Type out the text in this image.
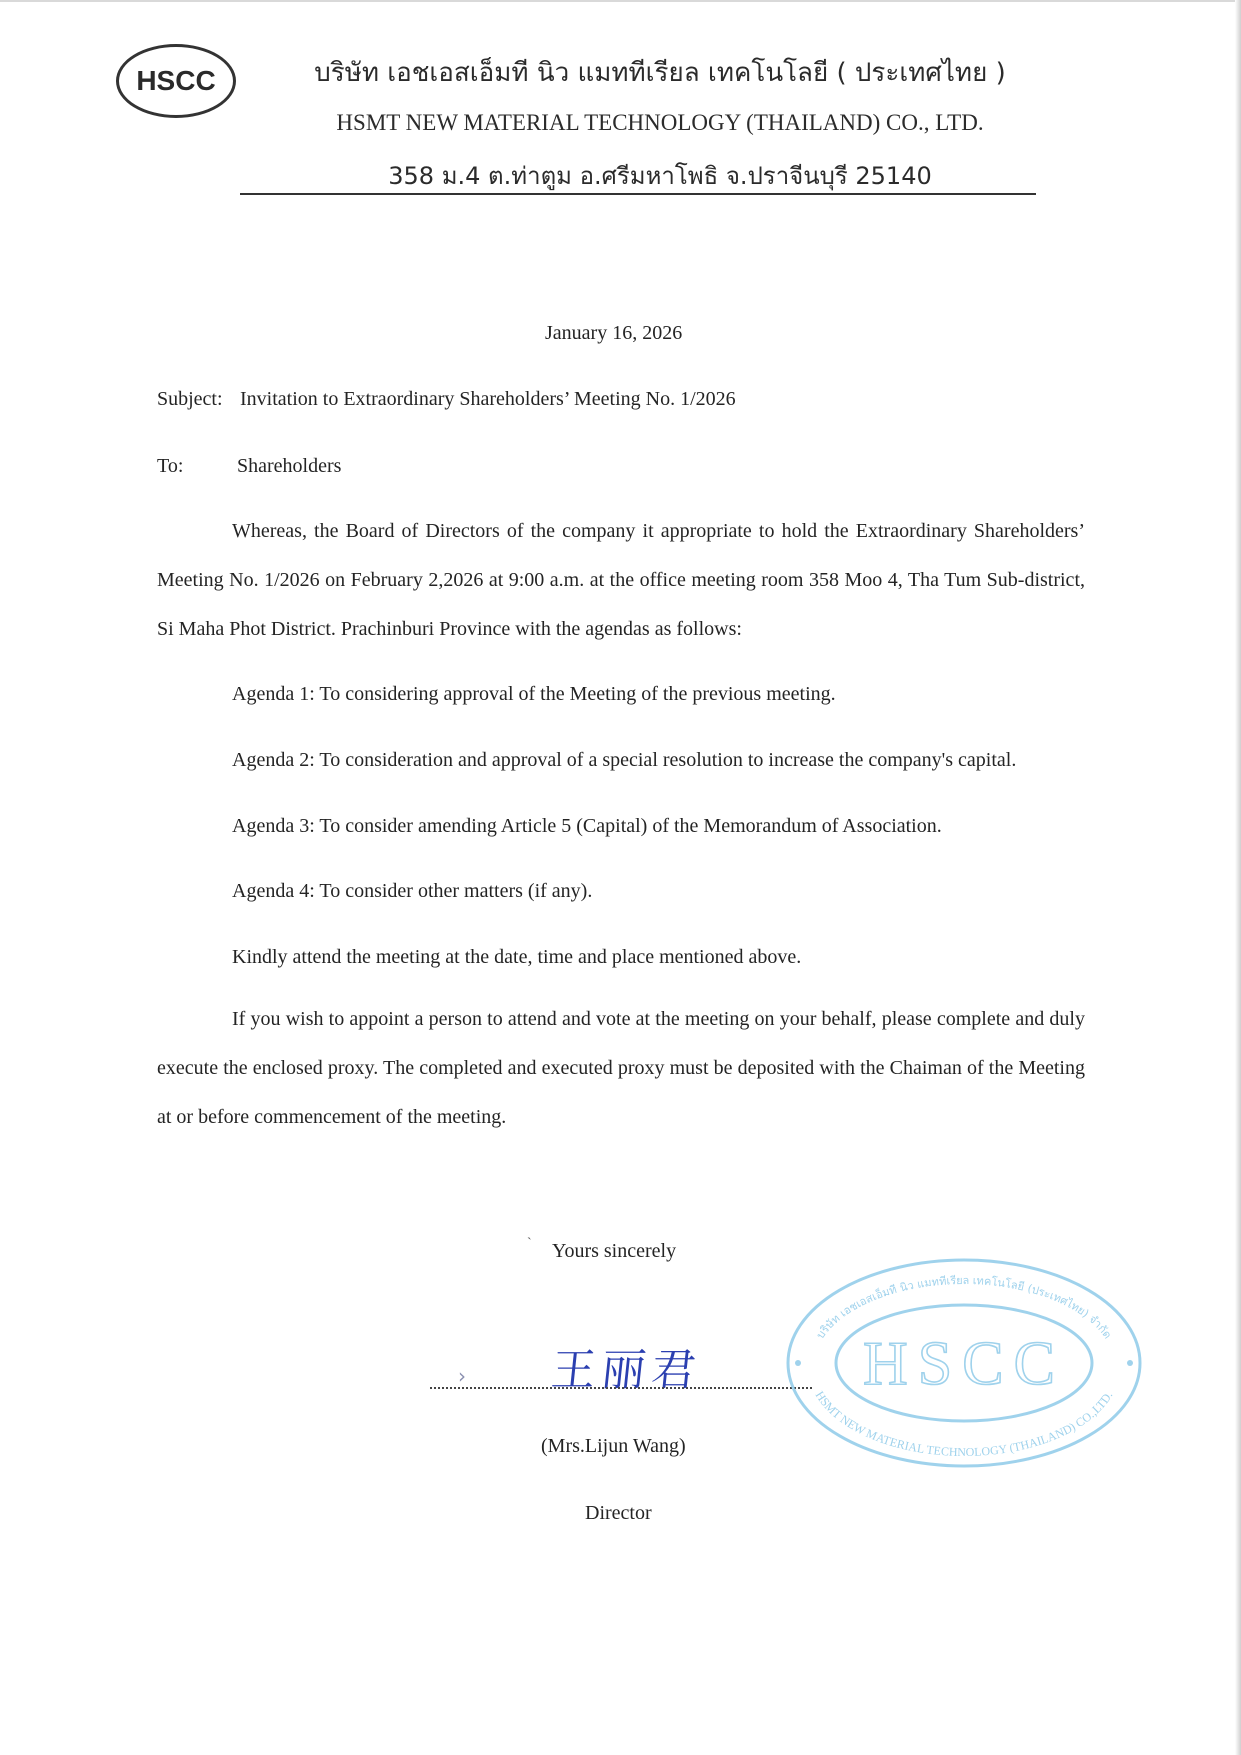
HSCC	บริษัท เอชเอสเอ็มที นิว แมททีเรียล เทคโนโลยี ( ประเทศไทย )
HSMT NEW MATERIAL TECHNOLOGY (THAILAND) CO., LTD.
358 ม.4 ต.ท่าตูม อ.ศรีมหาโพธิ จ.ปราจีนบุรี 25140
January 16, 2026
Subject: Invitation to Extraordinary Shareholders’ Meeting No. 1/2026
To:	Shareholders
Whereas, the Board of Directors of the company it appropriate to hold the Extraordinary Shareholders’ Meeting No. 1/2026 on February 2,2026 at 9:00 a.m. at the office meeting room 358 Moo 4, Tha Tum Sub-district, Si Maha Phot District. Prachinburi Province with the agendas as follows:
Agenda 1: To considering approval of the Meeting of the previous meeting.
Agenda 2: To consideration and approval of a special resolution to increase the company's capital.
Agenda 3: To consider amending Article 5 (Capital) of the Memorandum of Association.
Agenda 4: To consider other matters (if any).
Kindly attend the meeting at the date, time and place mentioned above.
If you wish to appoint a person to attend and vote at the meeting on your behalf, please complete and duly execute the enclosed proxy. The completed and executed proxy must be deposited with the Chaiman of the Meeting at or before commencement of the meeting.
` Yours sincerely
› 王丽君
(Mrs.Lijun Wang)
Director
HSCC
บริษัท เอชเอสเอ็มที นิว แมททีเรียล เทคโนโลยี (ประเทศไทย) จำกัด
HSMT NEW MATERIAL TECHNOLOGY (THAILAND) CO.,LTD.
